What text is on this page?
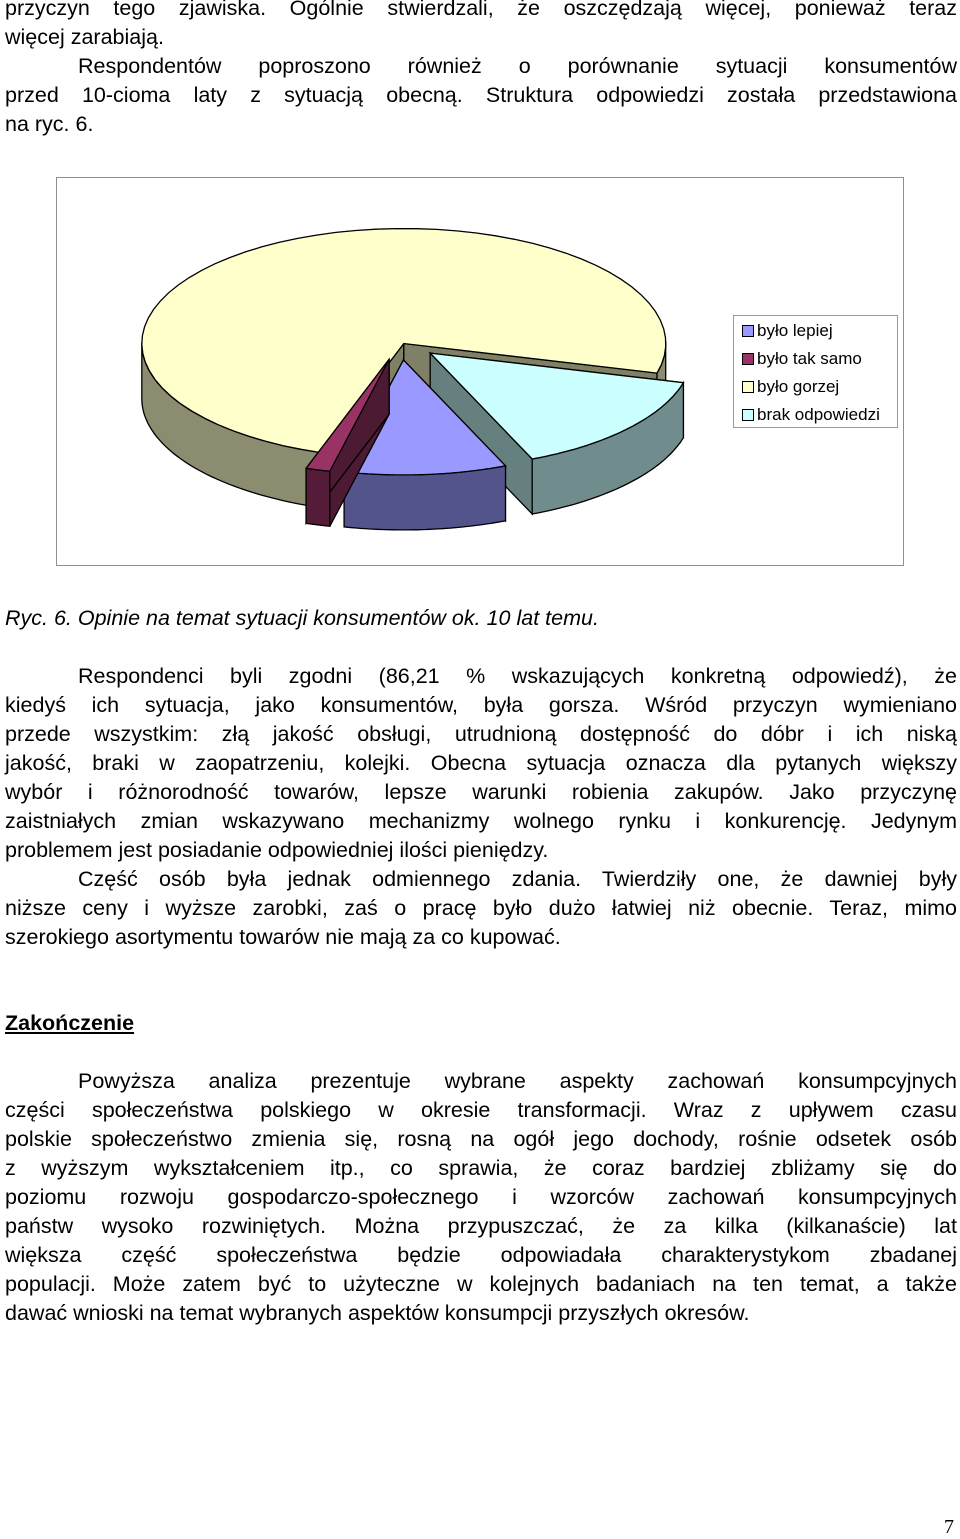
przyczyn tego zjawiska. Ogólnie stwierdzali, że oszczędzają więcej, ponieważ teraz
więcej zarabiają.
Respondentów poproszono również o porównanie sytuacji konsumentów
przed 10-cioma laty z sytuacją obecną. Struktura odpowiedzi została przedstawiona
na ryc. 6.
było lepiej
było tak samo
było gorzej
brak odpowiedzi
Ryc. 6. Opinie na temat sytuacji konsumentów ok. 10 lat temu.
Respondenci byli zgodni (86,21 % wskazujących konkretną odpowiedź), że
kiedyś ich sytuacja, jako konsumentów, była gorsza. Wśród przyczyn wymieniano
przede wszystkim: złą jakość obsługi, utrudnioną dostępność do dóbr i ich niską
jakość, braki w zaopatrzeniu, kolejki. Obecna sytuacja oznacza dla pytanych większy
wybór i różnorodność towarów, lepsze warunki robienia zakupów. Jako przyczynę
zaistniałych zmian wskazywano mechanizmy wolnego rynku i konkurencję. Jedynym
problemem jest posiadanie odpowiedniej ilości pieniędzy.
Część osób była jednak odmiennego zdania. Twierdziły one, że dawniej były
niższe ceny i wyższe zarobki, zaś o pracę było dużo łatwiej niż obecnie. Teraz, mimo
szerokiego asortymentu towarów nie mają za co kupować.
Zakończenie
Powyższa analiza prezentuje wybrane aspekty zachowań konsumpcyjnych
części społeczeństwa polskiego w okresie transformacji. Wraz z upływem czasu
polskie społeczeństwo zmienia się, rosną na ogół jego dochody, rośnie odsetek osób
z wyższym wykształceniem itp., co sprawia, że coraz bardziej zbliżamy się do
poziomu rozwoju gospodarczo-społecznego i wzorców zachowań konsumpcyjnych
państw wysoko rozwiniętych. Można przypuszczać, że za kilka (kilkanaście) lat
większa część społeczeństwa będzie odpowiadała charakterystykom zbadanej
populacji. Może zatem być to użyteczne w kolejnych badaniach na ten temat, a także
dawać wnioski na temat wybranych aspektów konsumpcji przyszłych okresów.
7
